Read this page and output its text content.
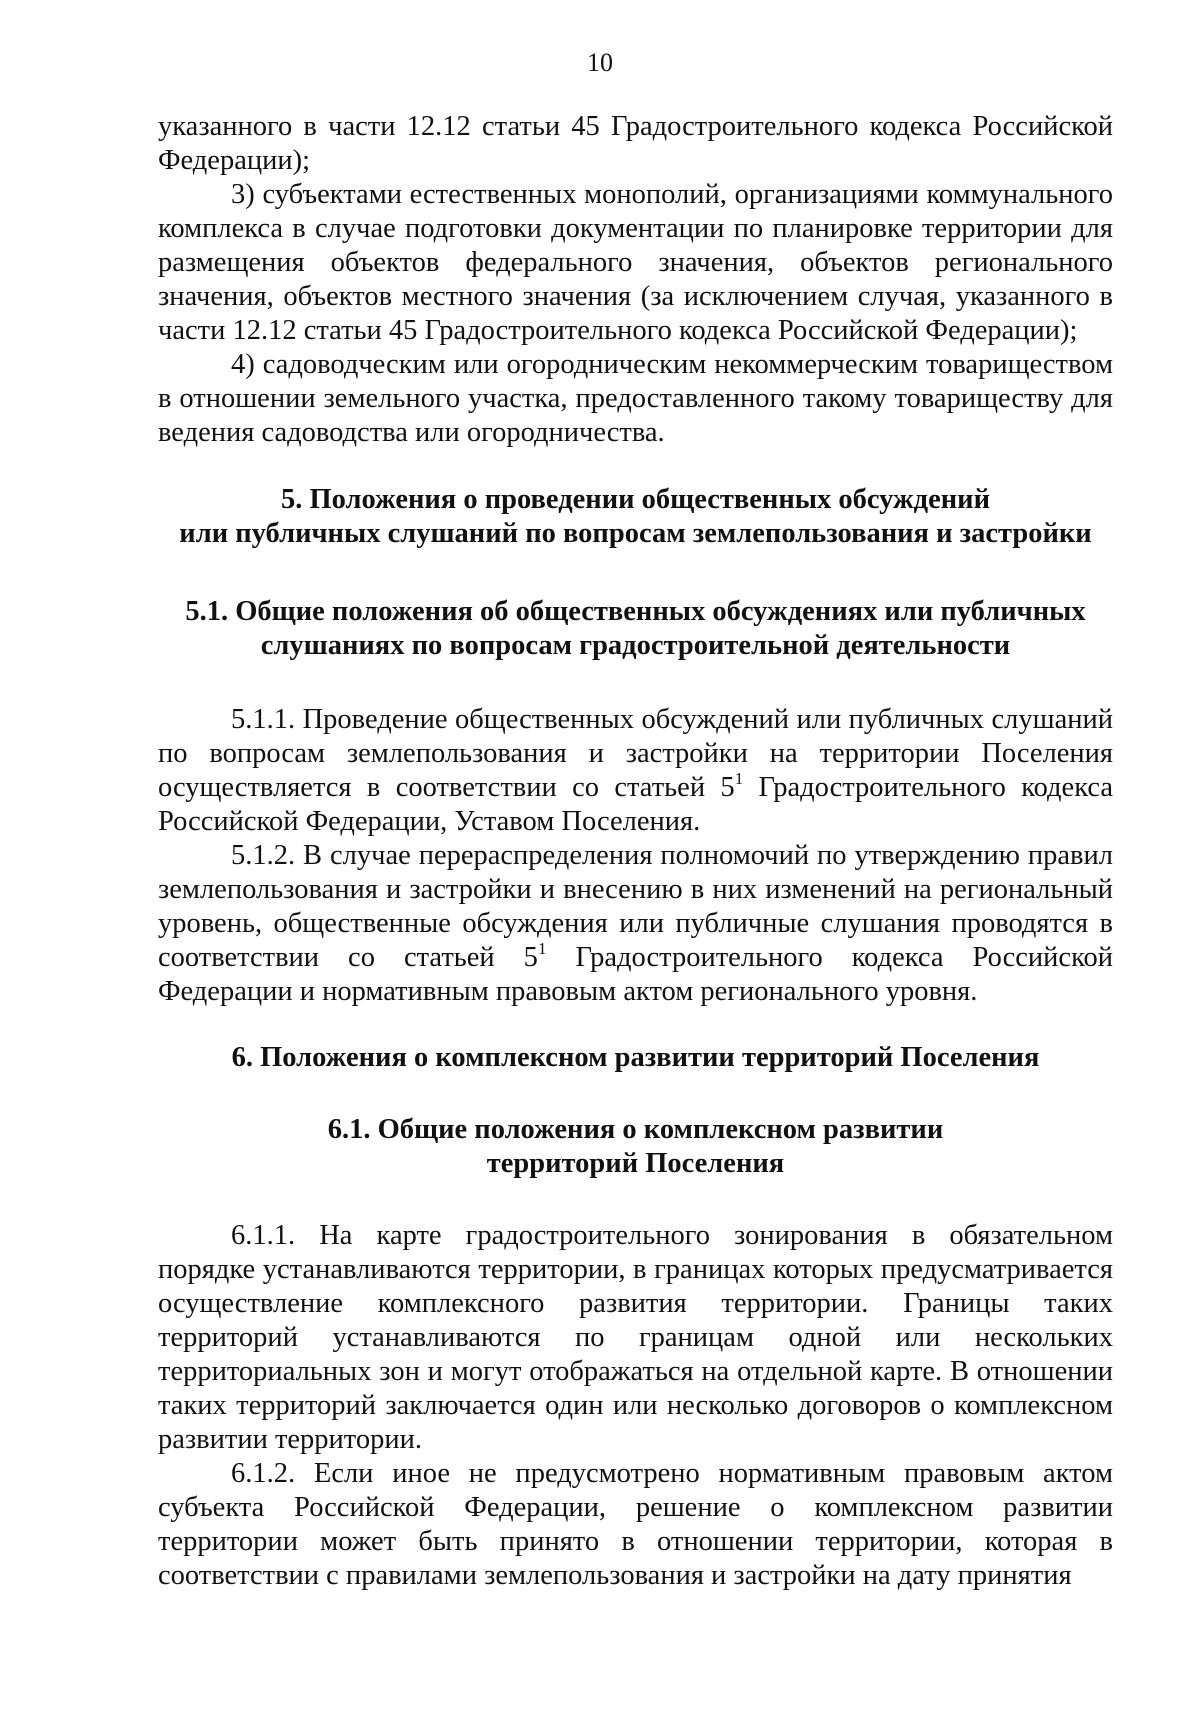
10

указанного в части 12.12 статьи 45 Градостроительного кодекса Российской Федерации);

3) субъектами естественных монополий, организациями коммунального комплекса в случае подготовки документации по планировке территории для размещения объектов федерального значения, объектов регионального значения, объектов местного значения (за исключением случая, указанного в части 12.12 статьи 45 Градостроительного кодекса Российской Федерации);

4) садоводческим или огородническим некоммерческим товариществом в отношении земельного участка, предоставленного такому товариществу для ведения садоводства или огородничества.

5. Положения о проведении общественных обсуждений
или публичных слушаний по вопросам землепользования и застройки
5.1. Общие положения об общественных обсуждениях или публичных
слушаниях по вопросам градостроительной деятельности

5.1.1. Проведение общественных обсуждений или публичных слушаний по вопросам землепользования и застройки на территории Поселения осуществляется в соответствии со статьей $5^1$ Градостроительного кодекса Российской Федерации, Уставом Поселения.

5.1.2. В случае перераспределения полномочий по утверждению правил землепользования и застройки и внесению в них изменений на региональный уровень, общественные обсуждения или публичные слушания проводятся в соответствии со статьей $5^1$ Градостроительного кодекса Российской Федерации и нормативным правовым актом регионального уровня.

6. Положения о комплексном развитии территорий Поселения
6.1. Общие положения о комплексном развитии
территорий Поселения

6.1.1. На карте градостроительного зонирования в обязательном порядке устанавливаются территории, в границах которых предусматривается осуществление комплексного развития территории. Границы таких территорий устанавливаются по границам одной или нескольких территориальных зон и могут отображаться на отдельной карте. В отношении таких территорий заключается один или несколько договоров о комплексном развитии территории.

6.1.2. Если иное не предусмотрено нормативным правовым актом субъекта Российской Федерации, решение о комплексном развитии территории может быть принято в отношении территории, которая в соответствии с правилами землепользования и застройки на дату принятия
